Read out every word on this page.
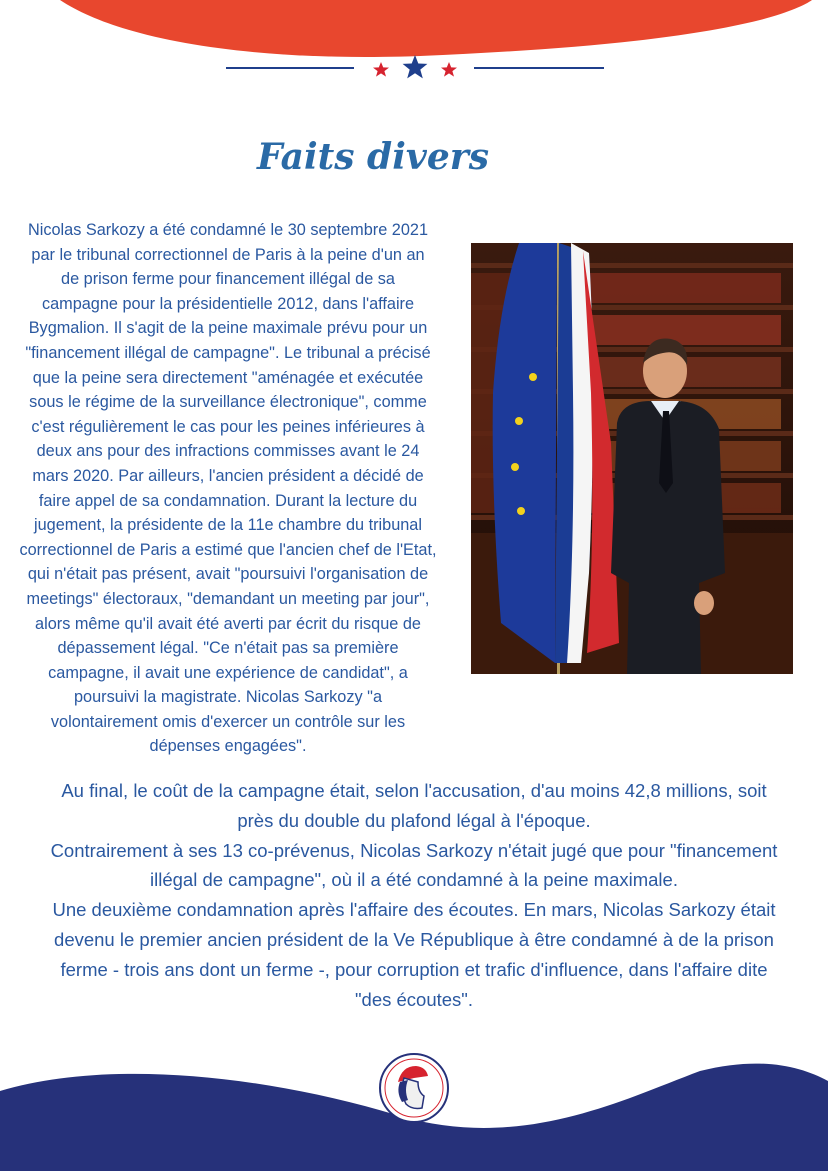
Faits divers
Nicolas Sarkozy a été condamné le 30 septembre 2021
par le tribunal correctionnel de Paris à la peine d'un an
de prison ferme pour financement illégal de sa
campagne pour la présidentielle 2012, dans l'affaire
Bygmalion. Il s'agit de la peine maximale prévu pour un
"financement illégal de campagne". Le tribunal a précisé
que la peine sera directement "aménagée et exécutée
sous le régime de la surveillance électronique", comme
c'est régulièrement le cas pour les peines inférieures à
deux ans pour des infractions commisses avant le 24
mars 2020. Par ailleurs, l'ancien président a décidé de
faire appel de sa condamnation. Durant la lecture du
jugement, la présidente de la 11e chambre du tribunal
correctionnel de Paris a estimé que l'ancien chef de l'Etat,
qui n'était pas présent, avait "poursuivi l'organisation de
meetings" électoraux, "demandant un meeting par jour",
alors même qu'il avait été averti par écrit du risque de
dépassement légal. "Ce n'était pas sa première
campagne, il avait une expérience de candidat", a
poursuivi la magistrate. Nicolas Sarkozy "a
volontairement omis d'exercer un contrôle sur les
dépenses engagées".

Au final, le coût de la campagne était, selon l'accusation, d'au moins 42,8 millions, soit

près du double du plafond légal à l'époque.

Contrairement à ses 13 co-prévenus, Nicolas Sarkozy n'était jugé que pour "financement

illégal de campagne", où il a été condamné à la peine maximale.

Une deuxième condamnation après l'affaire des écoutes. En mars, Nicolas Sarkozy était

devenu le premier ancien président de la Ve République à être condamné à de la prison

ferme - trois ans dont un ferme -, pour corruption et trafic d'influence, dans l'affaire dite

"des écoutes".
